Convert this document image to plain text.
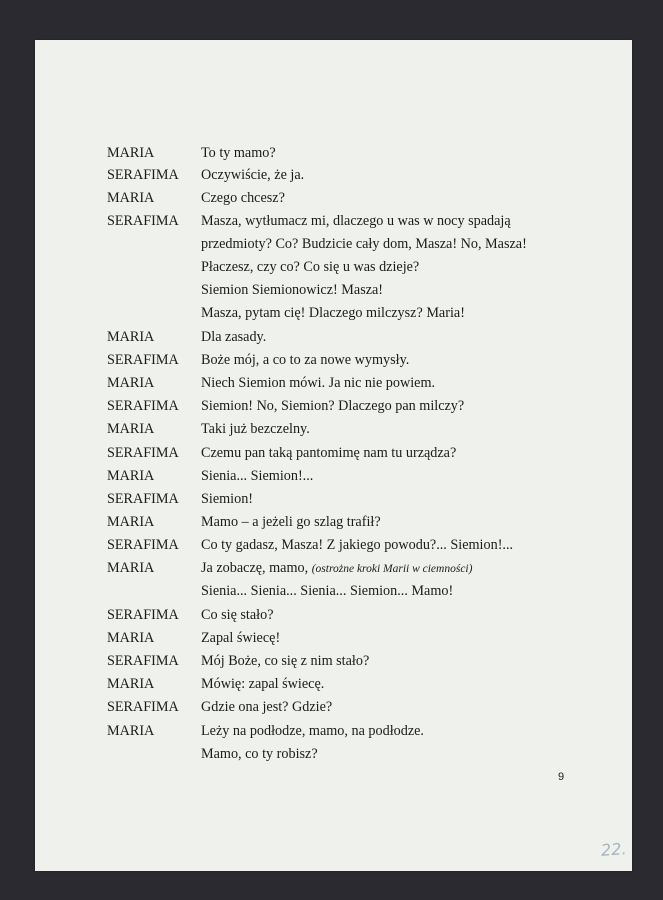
MARIA	To ty mamo?
SERAFIMA Oczywiście, że ja.
MARIA	Czego chcesz?
SERAFIMA Masza, wytłumacz mi, dlaczego u was w nocy spadają
przedmioty? Co? Budzicie cały dom, Masza! No, Masza!
Płaczesz, czy co? Co się u was dzieje?
Siemion Siemionowicz! Masza!
Masza, pytam cię! Dlaczego milczysz? Maria!
MARIA	Dla zasady.
SERAFIMA Boże mój, a co to za nowe wymysły.
MARIA	Niech Siemion mówi. Ja nic nie powiem.
SERAFIMA Siemion! No, Siemion? Dlaczego pan milczy?
MARIA	Taki już bezczelny.
SERAFIMA Czemu pan taką pantomimę nam tu urządza?
MARIA	Sienia... Siemion!...
SERAFIMA Siemion!
MARIA	Mamo – a jeżeli go szlag trafił?
SERAFIMA Co ty gadasz, Masza! Z jakiego powodu?... Siemion!...
MARIA	Ja zobaczę, mamo, (ostrożne kroki Marii w ciemności)
Sienia... Sienia... Sienia... Siemion... Mamo!
SERAFIMA Co się stało?
MARIA	Zapal świecę!
SERAFIMA Mój Boże, co się z nim stało?
MARIA	Mówię: zapal świecę.
SERAFIMA Gdzie ona jest? Gdzie?
MARIA	Leży na podłodze, mamo, na podłodze.
Mamo, co ty robisz?
9
22.
